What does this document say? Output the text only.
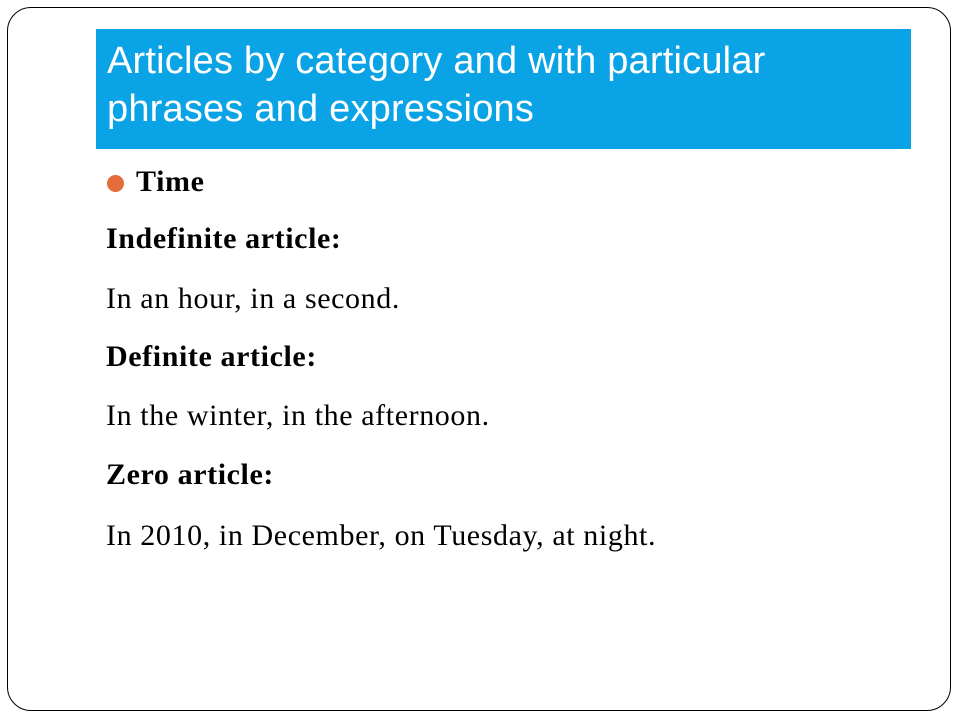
Articles by category and with particular phrases and expressions
Time
Indefinite article:
In an hour, in a second.
Definite article:
In the winter, in the afternoon.
Zero article:
In 2010, in December, on Tuesday, at night.
